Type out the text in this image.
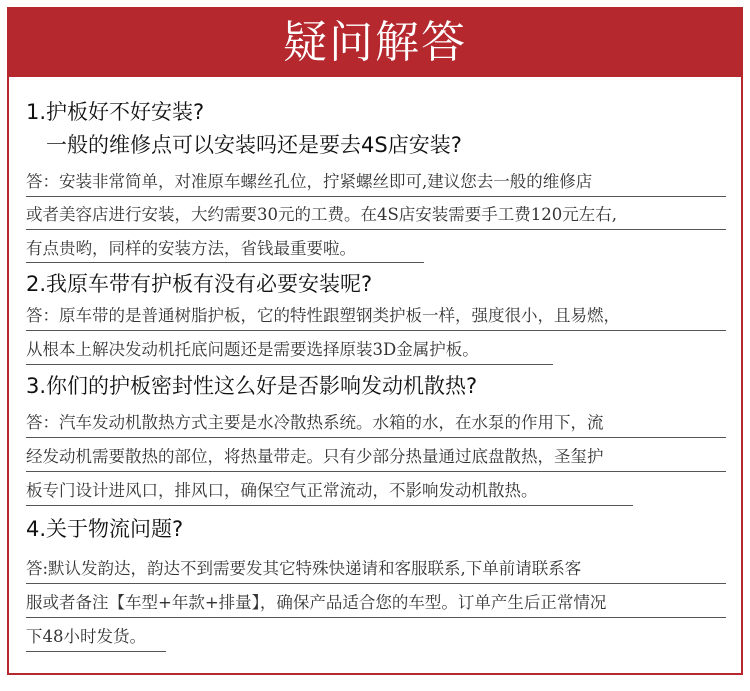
疑问解答
1.护板好不好安装?
一般的维修点可以安装吗还是要去4S店安装?
答：安装非常简单，对准原车螺丝孔位，拧紧螺丝即可,建议您去一般的维修店
或者美容店进行安装，大约需要30元的工费。在4S店安装需要手工费120元左右,
有点贵哟，同样的安装方法，省钱最重要啦。
2.我原车带有护板有没有必要安装呢?
答：原车带的是普通树脂护板，它的特性跟塑钢类护板一样，强度很小，且易燃，
从根本上解决发动机托底问题还是需要选择原装3D金属护板。
3.你们的护板密封性这么好是否影响发动机散热?
答：汽车发动机散热方式主要是水冷散热系统。水箱的水，在水泵的作用下，流
经发动机需要散热的部位，将热量带走。只有少部分热量通过底盘散热，圣玺护
板专门设计进风口，排风口，确保空气正常流动，不影响发动机散热。
4.关于物流问题?
答:默认发韵达，韵达不到需要发其它特殊快递请和客服联系,下单前请联系客
服或者备注【车型+年款+排量】，确保产品适合您的车型。订单产生后正常情况
下48小时发货。
